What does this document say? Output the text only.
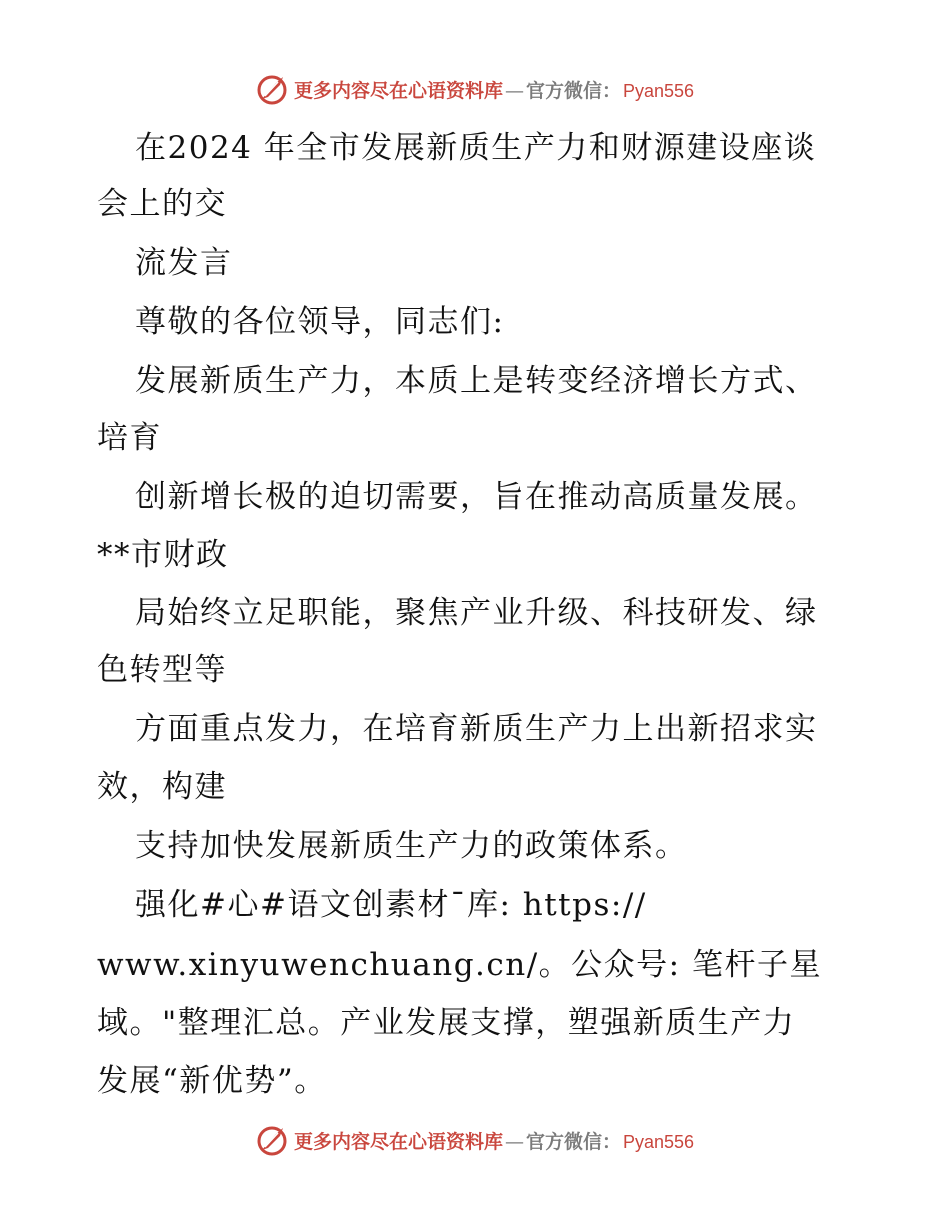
更多内容尽在心语资料库 — 官方微信： Pyan556
在2024 年全市发展新质生产力和财源建设座谈
会上的交
流发言
尊敬的各位领导，同志们:
发展新质生产力，本质上是转变经济增长方式、
培育
创新增长极的迫切需要，旨在推动高质量发展。
**市财政
局始终立足职能，聚焦产业升级、科技研发、绿
色转型等
方面重点发力，在培育新质生产力上出新招求实
效，构建
支持加快发展新质生产力的政策体系。
强化#心#语文创素材¯库: https://
www.xinyuwenchuang.cn/。公众号: 笔杆子星
域。"整理汇总。产业发展支撑，塑强新质生产力
发展“新优势”。
更多内容尽在心语资料库 — 官方微信： Pyan556
